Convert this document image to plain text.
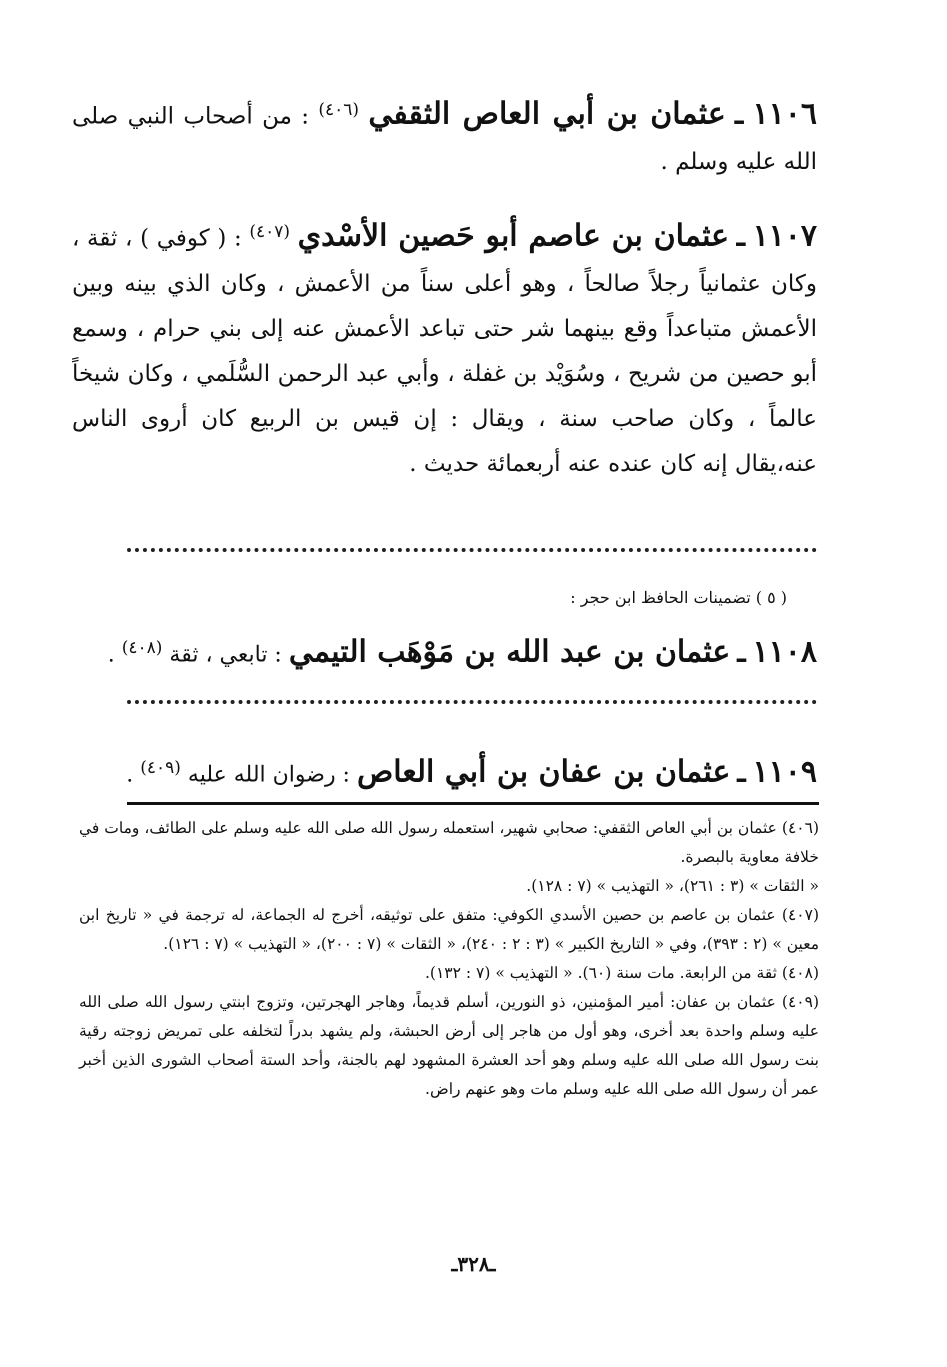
١١٠٦ ـ عثمان بن أبي العاص الثقفي $^{(٤٠٦)}$ : من أصحاب النبي صلى الله عليه وسلم .
١١٠٧ ـ عثمان بن عاصم أبو حَصين الأسْدي $^{(٤٠٧)}$ : ( كوفي ) ، ثقة ، وكان عثمانياً رجلاً صالحاً ، وهو أعلى سناً من الأعمش ، وكان الذي بينه وبين الأعمش متباعداً وقع بينهما شر حتى تباعد الأعمش عنه إلى بني حرام ، وسمع أبو حصين من شريح ، وسُوَيْد بن غفلة ، وأبي عبد الرحمن السُّلَمي ، وكان شيخاً عالماً ، وكان صاحب سنة ، ويقال : إن قيس بن الربيع كان أروى الناس عنه،يقال إنه كان عنده عنه أربعمائة حديث .
( ٥ ) تضمينات الحافظ ابن حجر :
١١٠٨ ـ عثمان بن عبد الله بن مَوْهَب التيمي : تابعي ، ثقة $^{(٤٠٨)}$ .
١١٠٩ ـ عثمان بن عفان بن أبي العاص : رضوان الله عليه $^{(٤٠٩)}$ .

(٤٠٦) عثمان بن أبي العاص الثقفي: صحابي شهير، استعمله رسول الله صلى الله عليه وسلم على الطائف، ومات في خلافة معاوية بالبصرة.

« الثقات » (٣ : ٢٦١)، « التهذيب » (٧ : ١٢٨).

(٤٠٧) عثمان بن عاصم بن حصين الأسدي الكوفي: متفق على توثيقه، أخرج له الجماعة، له ترجمة في « تاريخ ابن معين » (٢ : ٣٩٣)، وفي « التاريخ الكبير » (٣ : ٢ : ٢٤٠)، « الثقات » (٧ : ٢٠٠)، « التهذيب » (٧ : ١٢٦).

(٤٠٨) ثقة من الرابعة. مات سنة (٦٠). « التهذيب » (٧ : ١٣٢).

(٤٠٩) عثمان بن عفان: أمير المؤمنين، ذو النورين، أسلم قديماً، وهاجر الهجرتين، وتزوج ابنتي رسول الله صلى الله عليه وسلم واحدة بعد أخرى، وهو أول من هاجر إلى أرض الحبشة، ولم يشهد بدراً لتخلفه على تمريض زوجته رقية بنت رسول الله صلى الله عليه وسلم وهو أحد العشرة المشهود لهم بالجنة، وأحد الستة أصحاب الشورى الذين أخبر عمر أن رسول الله صلى الله عليه وسلم مات وهو عنهم راض.

ـ٣٢٨ـ
